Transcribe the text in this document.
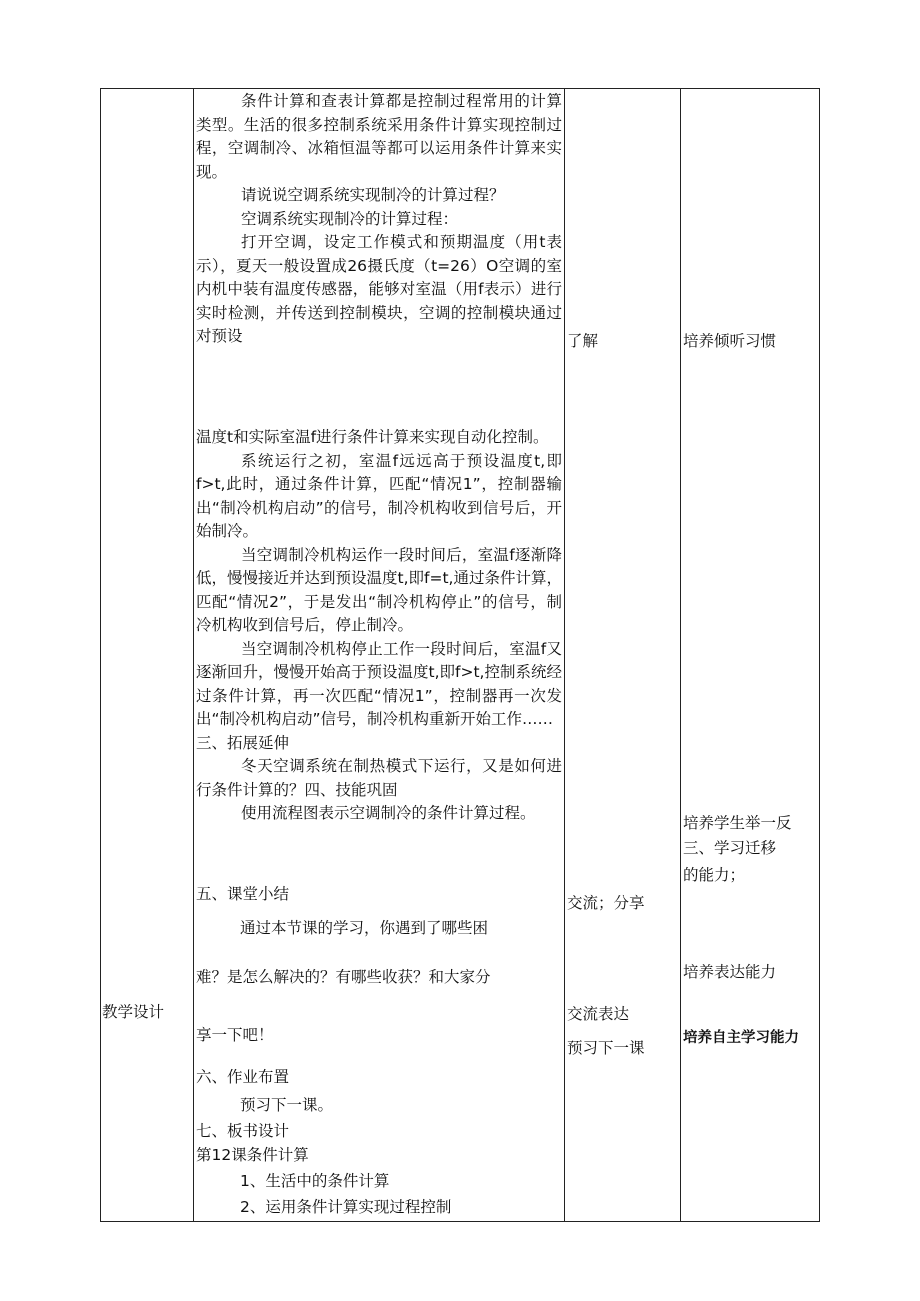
教学设计

条件计算和查表计算都是控制过程常用的计算类型。生活的很多控制系统采用条件计算实现控制过程，空调制冷、冰箱恒温等都可以运用条件计算来实现。

请说说空调系统实现制冷的计算过程？

空调系统实现制冷的计算过程：

打开空调，设定工作模式和预期温度（用t表示），夏天一般设置成26摄氏度（t=26）O空调的室内机中装有温度传感器，能够对室温（用f表示）进行实时检测，并传送到控制模块，空调的控制模块通过对预设

温度t和实际室温f进行条件计算来实现自动化控制。

系统运行之初，室温f远远高于预设温度t,即f>t,此时，通过条件计算，匹配“情况1”，控制器输出“制冷机构启动”的信号，制冷机构收到信号后，开始制冷。

当空调制冷机构运作一段时间后，室温f逐渐降低，慢慢接近并达到预设温度t,即f=t,通过条件计算，匹配“情况2”，于是发出“制冷机构停止”的信号，制冷机构收到信号后，停止制冷。

当空调制冷机构停止工作一段时间后，室温f又逐渐回升，慢慢开始高于预设温度t,即f>t,控制系统经过条件计算，再一次匹配“情况1”，控制器再一次发出“制冷机构启动”信号，制冷机构重新开始工作……

三、拓展延伸

冬天空调系统在制热模式下运行，又是如何进行条件计算的？四、技能巩固

使用流程图表示空调制冷的条件计算过程。

五、课堂小结
通过本节课的学习，你遇到了哪些困
难？是怎么解决的？有哪些收获？和大家分
享一下吧！
六、作业布置
预习下一课。
七、板书设计
第12课条件计算
1、生活中的条件计算
2、运用条件计算实现过程控制
了解
交流；分享
交流表达
预习下一课
培养倾听习惯
培养学生举一反
三、学习迁移
的能力；
培养表达能力
培养自主学习能力
